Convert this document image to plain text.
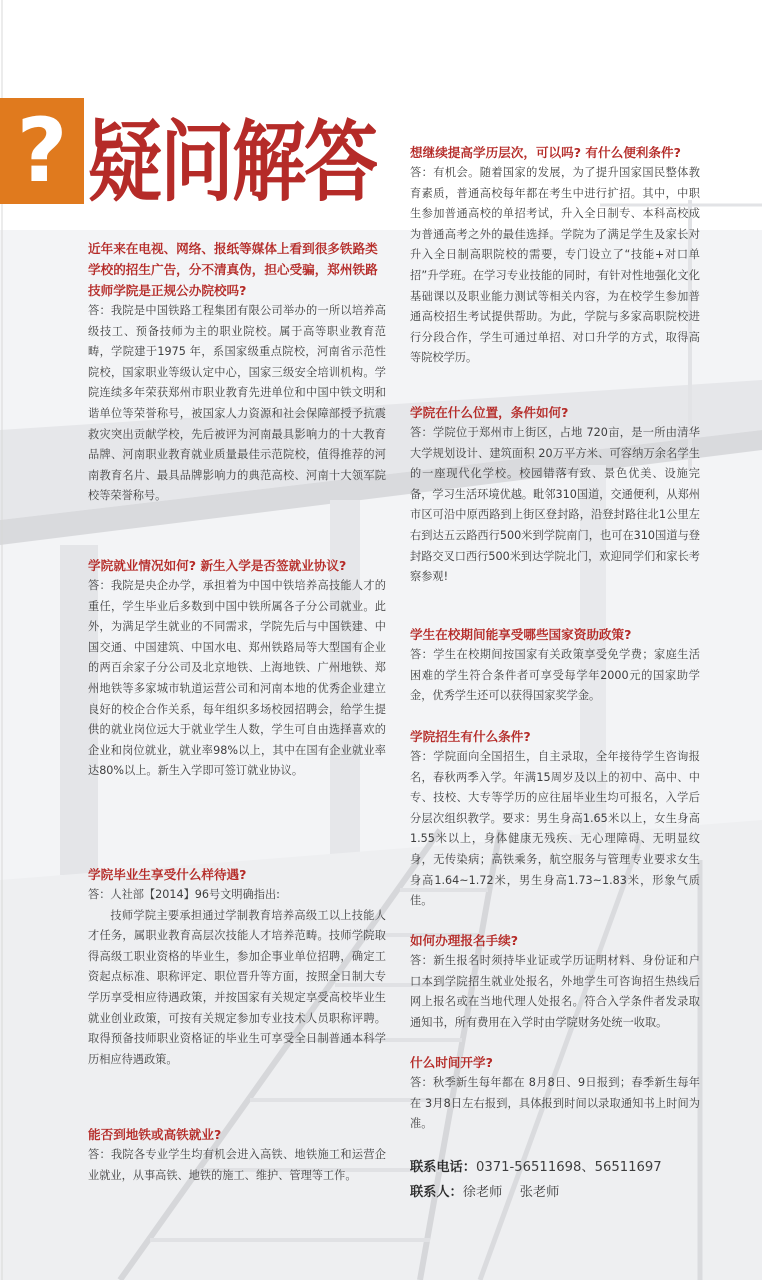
? 疑问解答

近年来在电视、网络、报纸等媒体上看到很多铁路类学校的招生广告，分不清真伪，担心受骗，郑州铁路技师学院是正规公办院校吗?

答：我院是中国铁路工程集团有限公司举办的一所以培养高级技工、预备技师为主的职业院校。属于高等职业教育范畴，学院建于1975 年，系国家级重点院校，河南省示范性院校，国家职业等级认定中心，国家三级安全培训机构。学院连续多年荣获郑州市职业教育先进单位和中国中铁文明和谐单位等荣誉称号，被国家人力资源和社会保障部授予抗震救灾突出贡献学校，先后被评为河南最具影响力的十大教育品牌、河南职业教育就业质量最佳示范院校，值得推荐的河南教育名片、最具品牌影响力的典范高校、河南十大领军院校等荣誉称号。

学院就业情况如何? 新生入学是否签就业协议?

答：我院是央企办学，承担着为中国中铁培养高技能人才的重任，学生毕业后多数到中国中铁所属各子分公司就业。此外，为满足学生就业的不同需求，学院先后与中国铁建、中国交通、中国建筑、中国水电、郑州铁路局等大型国有企业的两百余家子分公司及北京地铁、上海地铁、广州地铁、郑州地铁等多家城市轨道运营公司和河南本地的优秀企业建立良好的校企合作关系，每年组织多场校园招聘会，给学生提供的就业岗位远大于就业学生人数，学生可自由选择喜欢的企业和岗位就业，就业率98%以上，其中在国有企业就业率达80%以上。新生入学即可签订就业协议。

学院毕业生享受什么样待遇?

答：人社部【2014】96号文明确指出:

技师学院主要承担通过学制教育培养高级工以上技能人才任务，属职业教育高层次技能人才培养范畴。技师学院取得高级工职业资格的毕业生，参加企事业单位招聘，确定工资起点标准、职称评定、职位晋升等方面，按照全日制大专学历享受相应待遇政策，并按国家有关规定享受高校毕业生就业创业政策，可按有关规定参加专业技术人员职称评聘。取得预备技师职业资格证的毕业生可享受全日制普通本科学历相应待遇政策。

能否到地铁或高铁就业?

答：我院各专业学生均有机会进入高铁、地铁施工和运营企业就业，从事高铁、地铁的施工、维护、管理等工作。

想继续提高学历层次，可以吗? 有什么便利条件?

答：有机会。随着国家的发展，为了提升国家国民整体教育素质，普通高校每年都在考生中进行扩招。其中，中职生参加普通高校的单招考试，升入全日制专、本科高校成为普通高考之外的最佳选择。学院为了满足学生及家长对升入全日制高职院校的需要，专门设立了“技能+对口单招”升学班。在学习专业技能的同时，有针对性地强化文化基础课以及职业能力测试等相关内容，为在校学生参加普通高校招生考试提供帮助。为此，学院与多家高职院校进行分段合作，学生可通过单招、对口升学的方式，取得高等院校学历。

学院在什么位置，条件如何?

答：学院位于郑州市上街区，占地 720亩，是一所由清华大学规划设计、建筑面积 20万平方米、可容纳万余名学生的一座现代化学校。校园错落有致、景色优美、设施完备，学习生活环境优越。毗邻310国道，交通便利，从郑州市区可沿中原西路到上街区登封路，沿登封路往北1公里左右到达五云路西行500米到学院南门，也可在310国道与登封路交叉口西行500米到达学院北门，欢迎同学们和家长考察参观!

学生在校期间能享受哪些国家资助政策?

答：学生在校期间按国家有关政策享受免学费；家庭生活困难的学生符合条件者可享受每学年2000元的国家助学金，优秀学生还可以获得国家奖学金。

学院招生有什么条件?

答：学院面向全国招生，自主录取，全年接待学生咨询报名，春秋两季入学。年满15周岁及以上的初中、高中、中专、技校、大专等学历的应往届毕业生均可报名，入学后分层次组织教学。要求：男生身高1.65米以上，女生身高1.55米以上，身体健康无残疾、无心理障碍、无明显纹身，无传染病；高铁乘务，航空服务与管理专业要求女生身高1.64~1.72米，男生身高1.73~1.83米，形象气质佳。

如何办理报名手续?

答：新生报名时须持毕业证或学历证明材料、身份证和户口本到学院招生就业处报名，外地学生可咨询招生热线后网上报名或在当地代理人处报名。符合入学条件者发录取通知书，所有费用在入学时由学院财务处统一收取。

什么时间开学?

答：秋季新生每年都在 8月8日、9日报到；春季新生每年在 3月8日左右报到，具体报到时间以录取通知书上时间为准。

联系电话：0371-56511698、56511697
联系人：徐老师　 张老师
